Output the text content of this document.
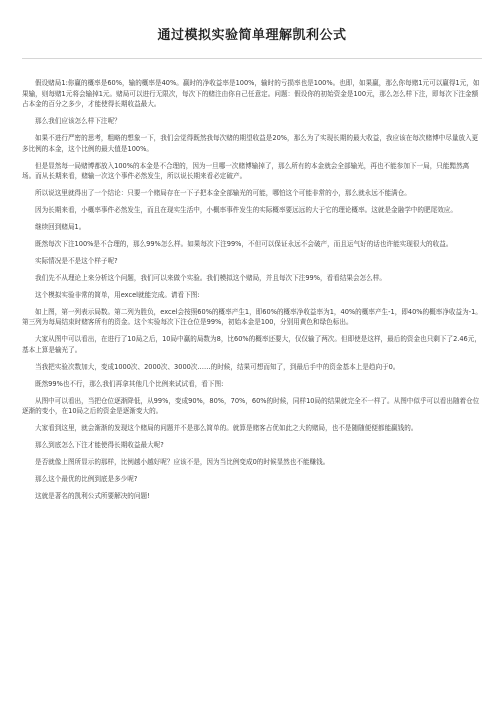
通过模拟实验简单理解凯利公式

假设赌局1:你赢的概率是60%，输的概率是40%。赢时的净收益率是100%，输时的亏损率也是100%。也即，如果赢，那么你每赌1元可以赢得1元，如果输，则每赌1元将会输掉1元。赌局可以进行无限次，每次下的赌注由你自己任意定。问题：假设你的初始资金是100元，那么怎么样下注，即每次下注金额占本金的百分之多少，才能使得长期收益最大。

那么我们应该怎么样下注呢？

如果不进行严密的思考，粗略的想象一下，我们会觉得既然我每次赌的期望收益是20%，那么为了实现长期的最大收益，我应该在每次赌博中尽量放入更多比例的本金，这个比例的最大值是100%。

但是显然每一局赌博都放入100%的本金是不合理的，因为一旦哪一次赌博输掉了，那么所有的本金就会全部输光，再也不能参加下一局，只能黯然离场。而从长期来看，赌输一次这个事件必然发生，所以说长期来看必定破产。

所以说这里就得出了一个结论：只要一个赌局存在一下子把本金全部输光的可能，哪怕这个可能非常的小，那么就永远不能满仓。

因为长期来看，小概率事件必然发生，而且在现实生活中，小概率事件发生的实际概率要远远的大于它的理论概率。这就是金融学中的肥尾效应。

继续回到赌局1。

既然每次下注100%是不合理的，那么99%怎么样。如果每次下注99%，不但可以保证永远不会破产，而且运气好的话也许能实现很大的收益。

实际情况是不是这个样子呢?

我们先不从理论上来分析这个问题，我们可以来做个实验。我们模拟这个赌局，并且每次下注99%，看看结果会怎么样。

这个模拟实验非常的简单，用excel就能完成。请看下图:

如上图，第一列表示局数。第二列为胜负，excel会按照60%的概率产生1，即60%的概率净收益率为1，40%的概率产生-1，即40%的概率净收益为-1。第三列为每局结束时赌客所有的资金。这个实验每次下注仓位是99%，初始本金是100，分别用黄色和绿色标出。

大家从图中可以看出，在进行了10局之后，10局中赢的局数为8，比60%的概率还要大，仅仅输了两次。但即使是这样，最后的资金也只剩下了2.46元，基本上算是输光了。

当我把实验次数加大，变成1000次、2000次、3000次……的时候，结果可想而知了，到最后手中的资金基本上是趋向于0。

既然99%也不行，那么我们再拿其他几个比例来试试看，看下图:

从图中可以看出，当把仓位逐渐降低，从99%，变成90%，80%，70%，60%的时候，同样10局的结果就完全不一样了。从图中似乎可以看出随着仓位逐渐的变小，在10局之后的资金是逐渐变大的。

大家看到这里，就会渐渐的发现这个赌局的问题并不是那么简单的。就算是赌客占优如此之大的赌局，也不是随随便便都能赢钱的。

那么到底怎么下注才能使得长期收益最大呢?

是否就像上图所显示的那样，比例越小越好呢？应该不是，因为当比例变成0的时候显然也不能赚钱。

那么这个最优的比例到底是多少呢?

这就是著名的凯利公式所要解决的问题!
